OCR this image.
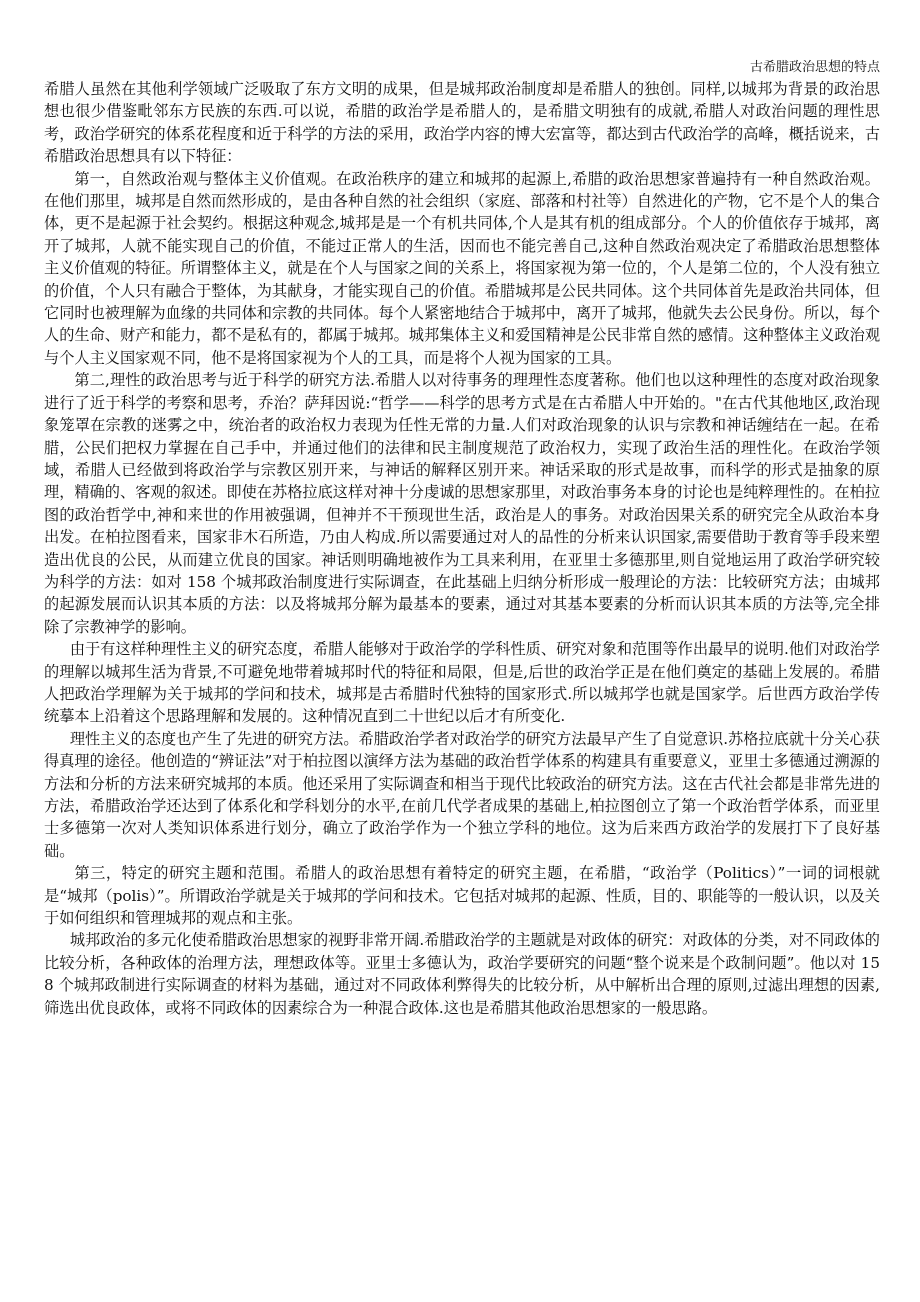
古希腊政治思想的特点

希腊人虽然在其他利学领域广泛吸取了东方文明的成果，但是城邦政治制度却是希腊人的独创。同样,以城邦为背景的政治思想也很少借鉴毗邻东方民族的东西.可以说，希腊的政治学是希腊人的，是希腊文明独有的成就,希腊人对政治问题的理性思考，政治学研究的体系花程度和近于科学的方法的采用，政治学内容的博大宏富等，都达到古代政治学的高峰，概括说来，古希腊政治思想具有以下特征：

第一，自然政治观与整体主义价值观。在政治秩序的建立和城邦的起源上,希腊的政治思想家普遍持有一种自然政治观。在他们那里，城邦是自然而然形成的，是由各种自然的社会组织（家庭、部落和村社等）自然进化的产物，它不是个人的集合体，更不是起源于社会契约。根据这种观念,城邦是是一个有机共同体,个人是其有机的组成部分。个人的价值依存于城邦，离开了城邦，人就不能实现自己的价值，不能过正常人的生活，因而也不能完善自己,这种自然政治观决定了希腊政治思想整体主义价值观的特征。所谓整体主义，就是在个人与国家之间的关系上，将国家视为第一位的，个人是第二位的，个人没有独立的价值，个人只有融合于整体，为其献身，才能实现自己的价值。希腊城邦是公民共同体。这个共同体首先是政治共同体，但它同时也被理解为血缘的共同体和宗教的共同体。每个人紧密地结合于城邦中，离开了城邦，他就失去公民身份。所以，每个人的生命、财产和能力，都不是私有的，都属于城邦。城邦集体主义和爱国精神是公民非常自然的感情。这种整体主义政治观与个人主义国家观不同，他不是将国家视为个人的工具，而是将个人视为国家的工具。

第二,理性的政治思考与近于科学的研究方法.希腊人以对待事务的理理性态度著称。他们也以这种理性的态度对政治现象进行了近于科学的考察和思考，乔治？萨拜因说:“哲学——科学的思考方式是在古希腊人中开始的。"在古代其他地区,政治现象笼罩在宗教的迷雾之中，统治者的政治权力表现为任性无常的力量.人们对政治现象的认识与宗教和神话缠结在一起。在希腊，公民们把权力掌握在自己手中，并通过他们的法律和民主制度规范了政治权力，实现了政治生活的理性化。在政治学领域，希腊人已经做到将政治学与宗教区别开来，与神话的解释区别开来。神话采取的形式是故事，而科学的形式是抽象的原理，精确的、客观的叙述。即使在苏格拉底这样对神十分虔诚的思想家那里，对政治事务本身的讨论也是纯粹理性的。在柏拉图的政治哲学中,神和来世的作用被强调，但神并不干预现世生活，政治是人的事务。对政治因果关系的研究完全从政治本身出发。在柏拉图看来，国家非木石所造，乃由人构成.所以需要通过对人的品性的分析来认识国家,需要借助于教育等手段来塑造出优良的公民，从而建立优良的国家。神话则明确地被作为工具来利用，在亚里士多德那里,则自觉地运用了政治学研究较为科学的方法：如对 158 个城邦政治制度进行实际调查，在此基础上归纳分析形成一般理论的方法：比较研究方法；由城邦的起源发展而认识其本质的方法：以及将城邦分解为最基本的要素，通过对其基本要素的分析而认识其本质的方法等,完全排除了宗教神学的影响。

由于有这样种理性主义的研究态度，希腊人能够对于政治学的学科性质、研究对象和范围等作出最早的说明.他们对政治学的理解以城邦生活为背景,不可避免地带着城邦时代的特征和局限，但是,后世的政治学正是在他们奠定的基础上发展的。希腊人把政治学理解为关于城邦的学问和技术，城邦是古希腊时代独特的国家形式.所以城邦学也就是国家学。后世西方政治学传统摹本上沿着这个思路理解和发展的。这种情况直到二十世纪以后才有所变化.

理性主义的态度也产生了先进的研究方法。希腊政治学者对政治学的研究方法最早产生了自觉意识.苏格拉底就十分关心获得真理的途径。他创造的“辨证法”对于柏拉图以演绎方法为基础的政治哲学体系的构建具有重要意义，亚里士多德通过溯源的方法和分析的方法来研究城邦的本质。他还采用了实际调查和相当于现代比较政治的研究方法。这在古代社会都是非常先进的方法，希腊政治学还达到了体系化和学科划分的水平,在前几代学者成果的基础上,柏拉图创立了第一个政治哲学体系，而亚里士多德第一次对人类知识体系进行划分，确立了政治学作为一个独立学科的地位。这为后来西方政治学的发展打下了良好基础。

第三，特定的研究主题和范围。希腊人的政治思想有着特定的研究主题，在希腊，“政治学（Politics）”一词的词根就是“城邦（polis）”。所谓政治学就是关于城邦的学问和技术。它包括对城邦的起源、性质，目的、职能等的一般认识，以及关于如何组织和管理城邦的观点和主张。

城邦政治的多元化使希腊政治思想家的视野非常开阔.希腊政治学的主题就是对政体的研究：对政体的分类，对不同政体的比较分析，各种政体的治理方法，理想政体等。亚里士多德认为，政治学要研究的问题“整个说来是个政制问题”。他以对 158 个城邦政制进行实际调查的材料为基础，通过对不同政体利弊得失的比较分析，从中解析出合理的原则,过滤出理想的因素,筛选出优良政体，或将不同政体的因素综合为一种混合政体.这也是希腊其他政治思想家的一般思路。
